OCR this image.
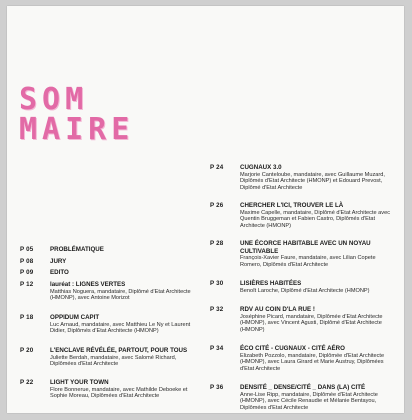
SOM
MAIRE
P 05	PROBLÉMATIQUE
P 08	JURY
P 09	EDITO
P 12	lauréat : LIGNES VERTES
Matthias Noguera, mandataire, Diplômé d'Etat Architecte (HMONP), avec Antoine Morizot
P 18	OPPIDUM CAPIT
Luc Arnaud, mandataire, avec Matthieu Le Ny et Laurent Didier, Diplômés d'Etat Architecte (HMONP)
P 20	L'ENCLAVE RÉVÉLÉE, PARTOUT, POUR TOUS
Juliette Berdah, mandataire, avec Salomé Richard, Diplômées d'Etat Architecte
P 22	LIGHT YOUR TOWN
Flore Bonnerue, mandataire, avec Mathilde Deboeke et Sophie Moreau, Diplômées d'Etat Architecte
P 24	CUGNAUX 3.0
Marjorie Canteloube, mandataire, avec Guillaume Muzard, Diplômés d'Etat Architecte (HMONP) et Edouard Prevost, Diplômé d'Etat Architecte
P 26	CHERCHER L'ICI, TROUVER LE LÀ
Maxime Capelle, mandataire, Diplômé d'Etat Architecte avec Quentin Bruggeman et Fabien Castro, Diplômés d'Etat Architecte (HMONP)
P 28	UNE ÉCORCE HABITABLE AVEC UN NOYAU CULTIVABLE
François-Xavier Faure, mandataire, avec Lilian Copete Romero, Diplômés d'Etat Architecte
P 30	LISIÈRES HABITÉES
Benoît Laroche, Diplômé d'Etat Architecte (HMONP)
P 32	RDV AU COIN D'LA RUE !
Joséphine Picard, mandataire, Diplômée d'Etat Architecte (HMONP), avec Vincent Agusti, Diplômé d'Etat Architecte (HMONP)
P 34	ÉCO CITÉ - CUGNAUX - CITÉ AÉRO
Elizabeth Pozzolo, mandataire, Diplômée d'Etat Architecte (HMONP), avec Laura Girard et Marie Austruy, Diplômées d'Etat Architecte
P 36	DENSITÉ _ DENSE/CITÉ _ DANS (LA) CITÉ
Anne-Lise Ripp, mandataire, Diplômée d'Etat Architecte (HMONP), avec Cécile Renaudie et Mélanie Bentayou, Diplômées d'Etat Architecte
